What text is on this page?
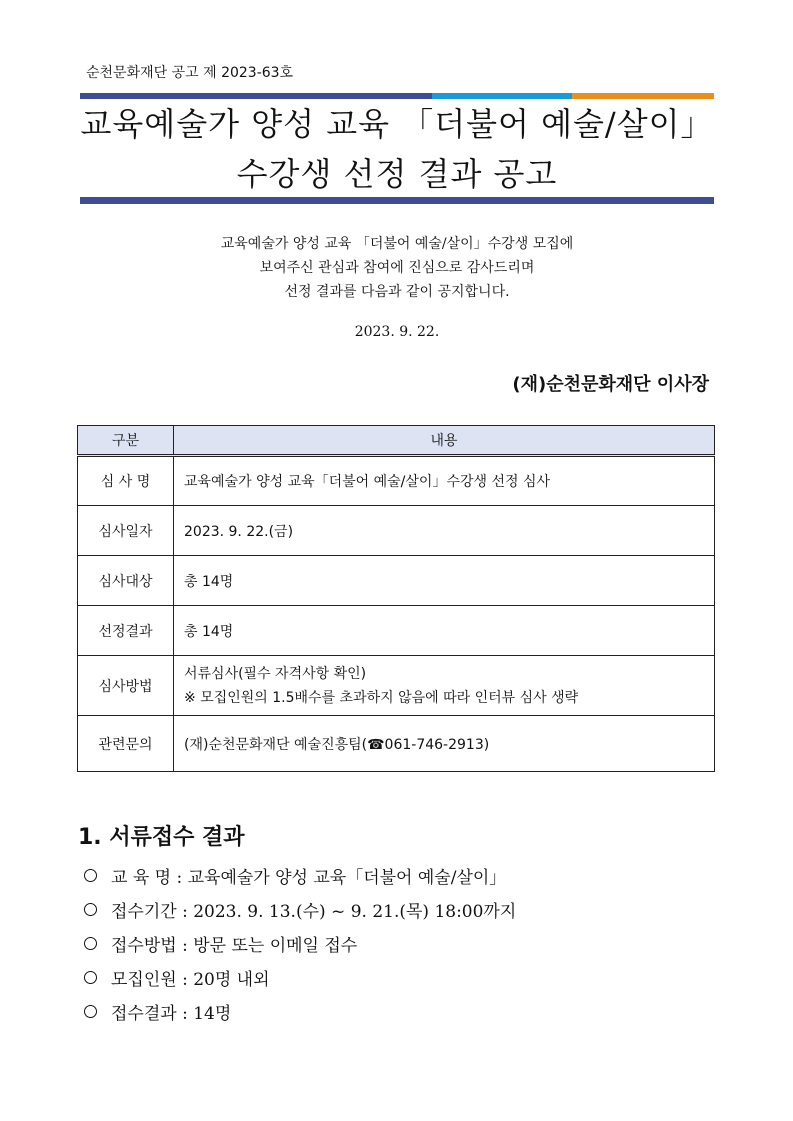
순천문화재단 공고 제 2023-63호
교육예술가 양성 교육 「더불어 예술/살이」
수강생 선정 결과 공고
교육예술가 양성 교육 「더불어 예술/살이」수강생 모집에
보여주신 관심과 참여에 진심으로 감사드리며
선정 결과를 다음과 같이 공지합니다.
2023. 9. 22.
(재)순천문화재단 이사장
구분	내용
심 사 명	교육예술가 양성 교육「더불어 예술/살이」수강생 선정 심사
심사일자	2023. 9. 22.(금)
심사대상	총 14명
선정결과	총 14명
심사방법	서류심사(필수 자격사항 확인)
※ 모집인원의 1.5배수를 초과하지 않음에 따라 인터뷰 심사 생략

관련문의	(재)순천문화재단 예술진흥팀(☎061-746-2913)
1. 서류접수 결과
교 육 명 : 교육예술가 양성 교육「더불어 예술/살이」
접수기간 : 2023. 9. 13.(수) ~ 9. 21.(목) 18:00까지
접수방법 : 방문 또는 이메일 접수
모집인원 : 20명 내외
접수결과 : 14명
